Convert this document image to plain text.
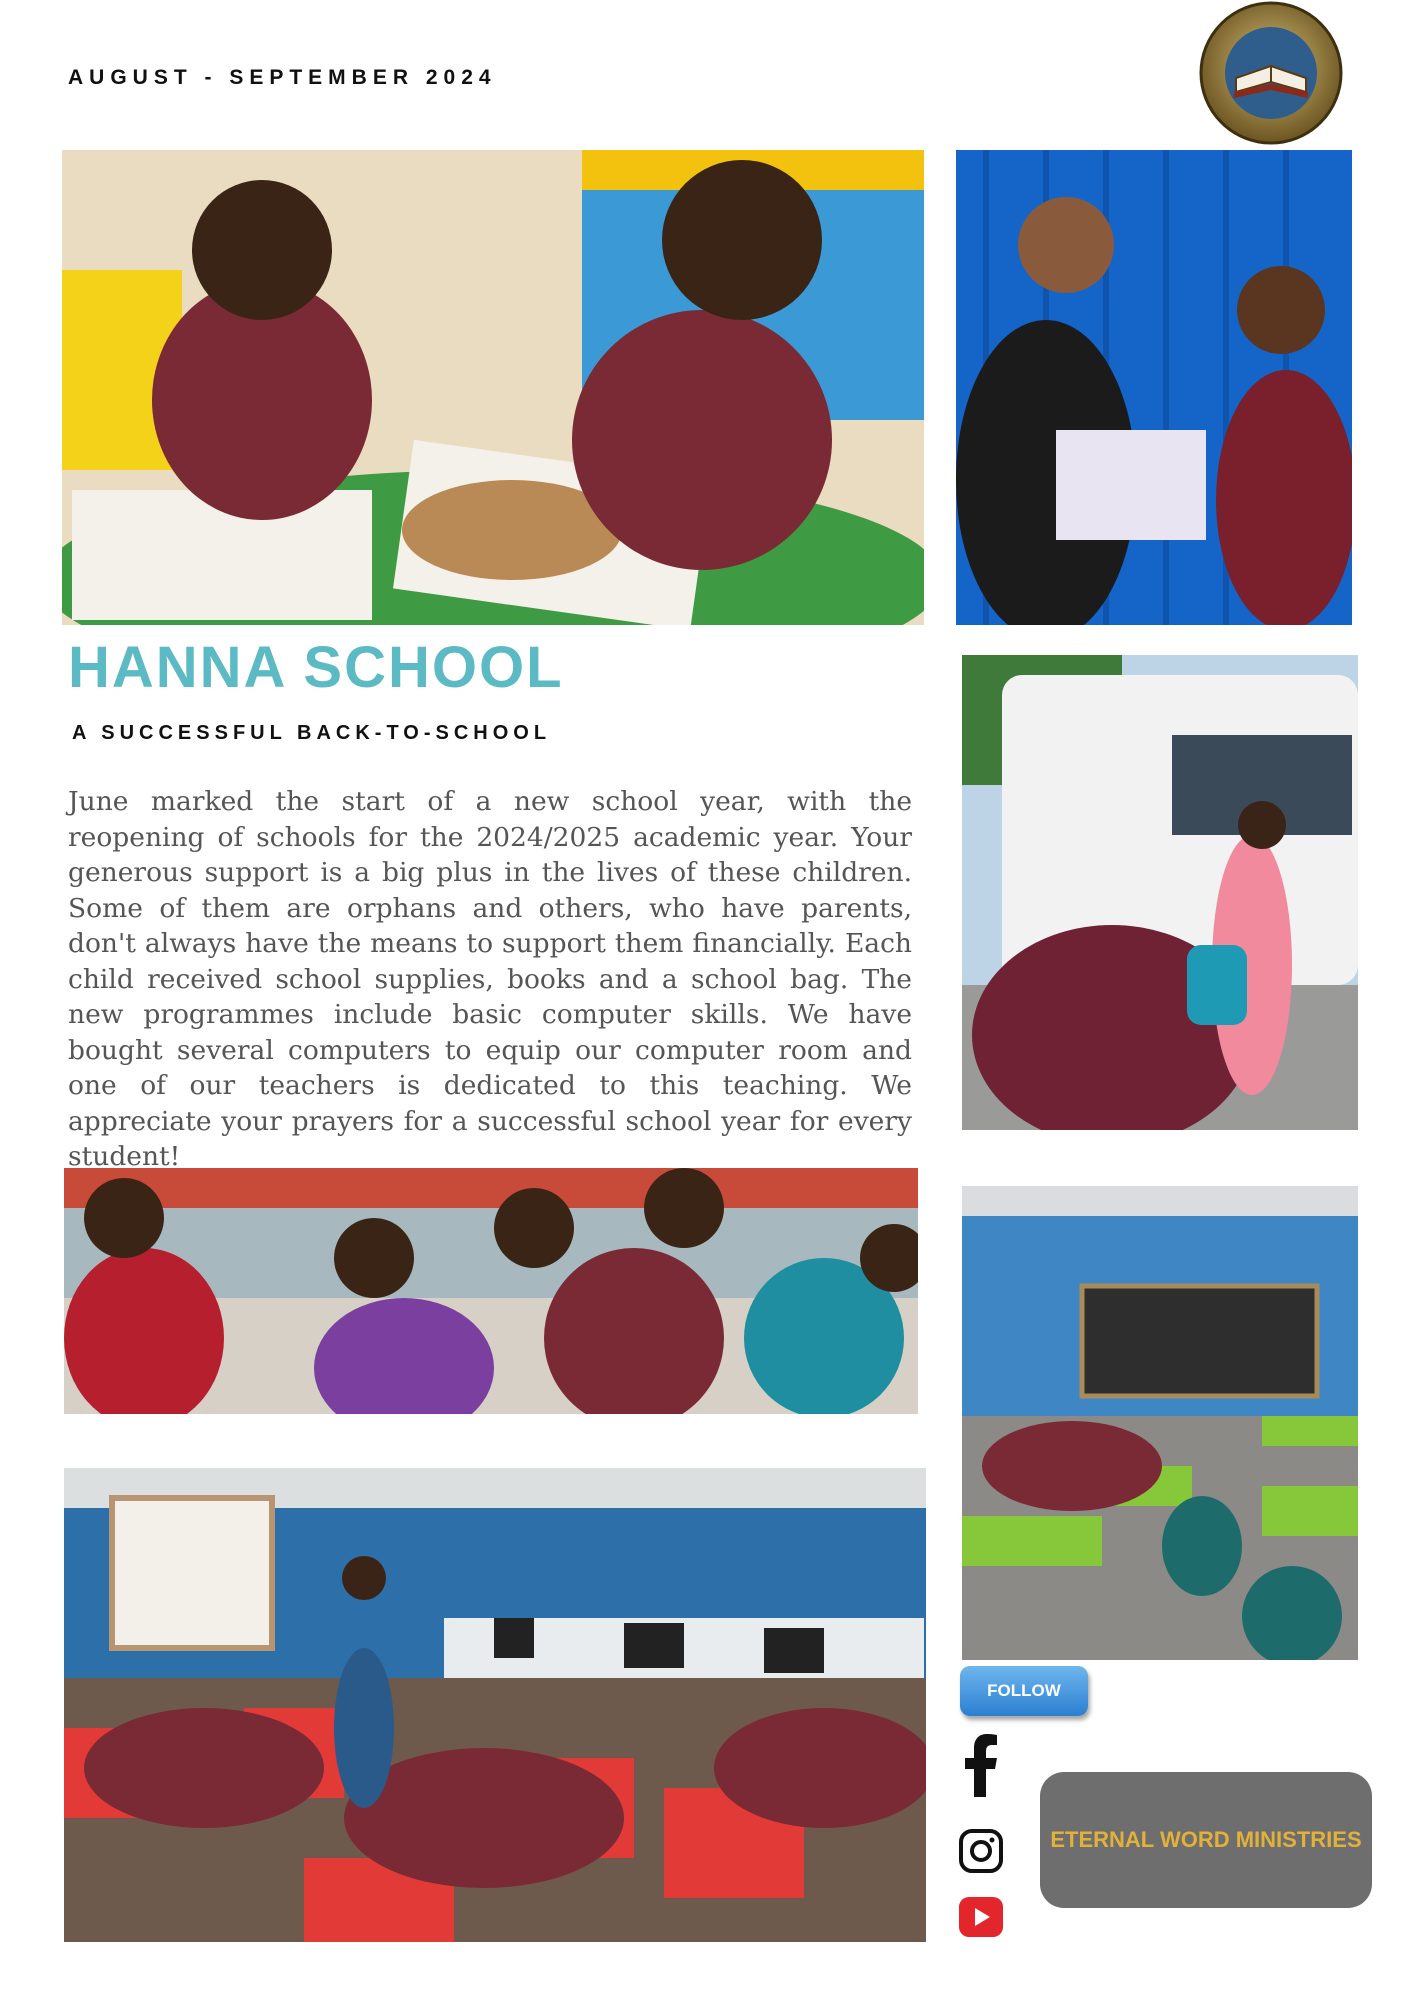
AUGUST - SEPTEMBER 2024
HANNA SCHOOL
A SUCCESSFUL BACK-TO-SCHOOL
June marked the start of a new school year, with the reopening of schools for the 2024/2025 academic year. Your generous support is a big plus in the lives of these children. Some of them are orphans and others, who have parents, don't always have the means to support them financially. Each child received school supplies, books and a school bag. The new programmes include basic computer skills. We have bought several computers to equip our computer room and one of our teachers is dedicated to this teaching. We appreciate your prayers for a successful school year for every student!
FOLLOW
ETERNAL WORD MINISTRIES
